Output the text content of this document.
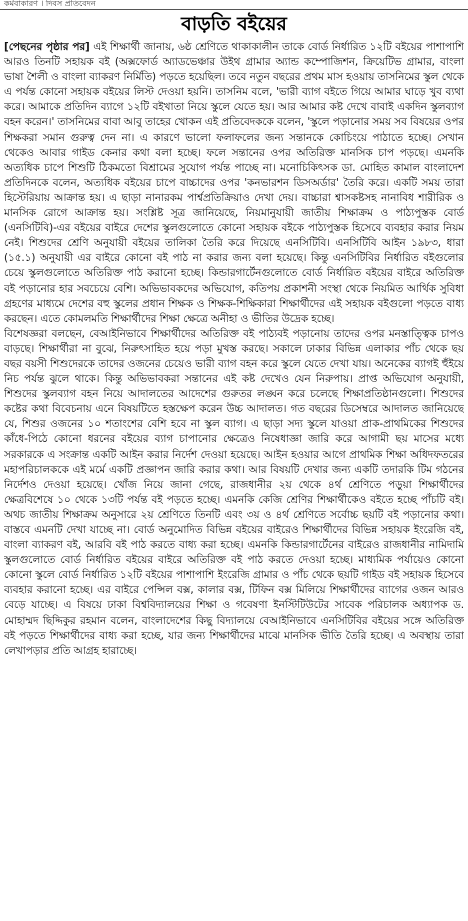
কর্মবাকারণ । দিবস প্রতিবেদন
বাড়তি বইয়ের

[পেছনের পৃষ্ঠার পর] এই শিক্ষার্থী জানায়, ৬ষ্ঠ শ্রেণিতে থাকাকালীন তাকে বোর্ড নির্ধারিত ১২টি বইয়ের পাশাপাশি আরও তিনটি সহায়ক বই (অক্সফোর্ড অ্যাডভেঞ্চার উইথ গ্রামার অ্যান্ড কম্পোজিশন, ক্রিয়েটিভ গ্রামার, বাংলা ভাষা শৈলী ও বাংলা ব্যাকরণ নির্মিতি) পড়তে হয়েছিল। তবে নতুন বছরের প্রথম মাস হওয়ায় তাসনিমের স্কুল থেকে এ পর্যন্ত কোনো সহায়ক বইয়ের লিস্ট দেওয়া হয়নি। তাসনিম বলে, 'ভারী ব্যাগ বইতে গিয়ে আমার ঘাড়ে খুব ব্যথা করে। আমাকে প্রতিদিন ব্যাগে ১২টি বইখাতা নিয়ে স্কুলে যেতে হয়। আর আমার কষ্ট দেখে বাবাই একদিন স্কুলব্যাগ বহন করেন।' তাসনিমের বাবা আবু তাহের খোকন এই প্রতিবেদককে বলেন, 'স্কুলে পড়ানোর সময় সব বিষয়ের ওপর শিক্ষকরা সমান গুরুত্ব দেন না। এ কারণে ভালো ফলাফলের জন্য সন্তানকে কোচিংয়ে পাঠাতে হচ্ছে। সেখান থেকেও আবার গাইড কেনার কথা বলা হচ্ছে। ফলে সন্তানের ওপর অতিরিক্ত মানসিক চাপ পড়ছে। এমনকি অত্যধিক চাপে শিশুটি ঠিকমতো বিশ্রামের সুযোগ পর্যন্ত পাচ্ছে না। মনোচিকিৎসক ডা. মোহিত কামাল বাংলাদেশ প্রতিদিনকে বলেন, অত্যধিক বইয়ের চাপে বাচ্চাদের ওপর 'কনভারশন ডিসঅর্ডার' তৈরি করে। একটি সময় তারা হিস্টেরিয়ায় আক্রান্ত হয়। এ ছাড়া নানারকম পার্শ্বপ্রতিক্রিয়াও দেখা দেয়। বাচ্চারা শ্বাসকষ্টসহ নানাবিধ শারীরিক ও মানসিক রোগে আক্রান্ত হয়। সংশ্লিষ্ট সূত্র জানিয়েছে, নিয়মানুযায়ী জাতীয় শিক্ষাক্রম ও পাঠ্যপুস্তক বোর্ড (এনসিটিবি)-এর বইয়ের বাইরে দেশের স্কুলগুলোতে কোনো সহায়ক বইকে পাঠ্যপুস্তক হিসেবে ব্যবহার করার নিয়ম নেই। শিশুদের শ্রেণি অনুযায়ী বইয়ের তালিকা তৈরি করে দিয়েছে এনসিটিবি। এনসিটিবি আইন ১৯৮৩, ধারা (১৫.১) অনুযায়ী এর বাইরে কোনো বই পাঠ না করার জন্য বলা হয়েছে। কিন্তু এনসিটিবির নির্ধারিত বইগুলোর চেয়ে স্কুলগুলোতে অতিরিক্ত পাঠ করানো হচ্ছে। কিন্ডারগার্টেনগুলোতে বোর্ড নির্ধারিত বইয়ের বাইরে অতিরিক্ত বই পড়ানোর হার সবচেয়ে বেশি। অভিভাবকদের অভিযোগ, কতিপয় প্রকাশনী সংস্থা থেকে নিয়মিত আর্থিক সুবিধা গ্রহণের মাধ্যমে দেশের বহু স্কুলের প্রধান শিক্ষক ও শিক্ষক-শিক্ষিকারা শিক্ষার্থীদের এই সহায়ক বইগুলো পড়তে বাধ্য করছেন। এতে কোমলমতি শিক্ষার্থীদের শিক্ষা ক্ষেত্রে অনীহা ও ভীতির উদ্রেক হচ্ছে।

বিশেষজ্ঞরা বলছেন, বেআইনিভাবে শিক্ষার্থীদের অতিরিক্ত বই পাঠ্যবই পড়ানোয় তাদের ওপর মনস্তাত্ত্বিক চাপও বাড়ছে। শিক্ষার্থীরা না বুঝে, নিরুৎসাহিত হয়ে পড়া মুখস্ত করছে। সকালে ঢাকার বিভিন্ন এলাকার পাঁচ থেকে ছয় বছর বয়সী শিশুদেরকে তাদের ওজনের চেয়েও ভারী ব্যাগ বহন করে স্কুলে যেতে দেখা যায়। অনেকের ব্যাগই হুঁইয়ে নিচ পর্যন্ত ঝুলে থাকে। কিন্তু অভিভাবকরা সন্তানের এই কষ্ট দেখেও যেন নিরুপায়। প্রাপ্ত অভিযোগ অনুযায়ী, শিশুদের স্কুলব্যাগ বহন নিয়ে আদালতের আদেশের গুরুতর লঙ্ঘন করে চলেছে শিক্ষাপ্রতিষ্ঠানগুলো। শিশুদের কষ্টের কথা বিবেচনায় এনে বিষয়টিতে হস্তক্ষেপ করেন উচ্চ আদালত। গত বছরের ডিসেম্বরে আদালত জানিয়েছে যে, শিশুর ওজনের ১০ শতাংশের বেশি হবে না স্কুল ব্যাগ। এ ছাড়া সদ্য স্কুলে যাওয়া প্রাক-প্রাথমিকের শিশুদের কাঁধে-পিঠে কোনো ধরনের বইয়ের ব্যাগ চাপানোর ক্ষেত্রেও নিষেধাজ্ঞা জারি করে আগামী ছয় মাসের মধ্যে সরকারকে এ সংক্রান্ত একটি আইন করার নির্দেশ দেওয়া হয়েছে। আইন হওয়ার আগে প্রাথমিক শিক্ষা অধিদফতরের মহাপরিচালককে এই মর্মে একটি প্রজ্ঞাপন জারি করার কথা। আর বিষয়টি দেখার জন্য একটি তদারকি টিম গঠনের নির্দেশও দেওয়া হয়েছে। খোঁজ নিয়ে জানা গেছে, রাজধানীর ২য় থেকে ৪র্থ শ্রেণিতে পড়ুয়া শিক্ষার্থীদের ক্ষেত্রবিশেষে ১০ থেকে ১৩টি পর্যন্ত বই পড়তে হচ্ছে। এমনকি কেজি শ্রেণির শিক্ষার্থীকেও বইতে হচ্ছে পাঁচটি বই। অথচ জাতীয় শিক্ষাক্রম অনুসারে ২য় শ্রেণিতে তিনটি এবং ৩য় ও ৪র্থ শ্রেণিতে সর্বোচ্চ ছয়টি বই পড়ানোর কথা। বাস্তবে এমনটি দেখা যাচ্ছে না। বোর্ড অনুমোদিত বিভিন্ন বইয়ের বাইরেও শিক্ষার্থীদের বিভিন্ন সহায়ক ইংরেজি বই, বাংলা ব্যাকরণ বই, আরবি বই পাঠ করতে বাধ্য করা হচ্ছে। এমনকি কিন্ডারগার্টেনের বাইরেও রাজধানীর নামিদামি স্কুলগুলোতে বোর্ড নির্ধারিত বইয়ের বাইরে অতিরিক্ত বই পাঠ করতে দেওয়া হচ্ছে। মাধ্যমিক পর্যায়েও কোনো কোনো স্কুলে বোর্ড নির্ধারিত ১২টি বইয়ের পাশাপাশি ইংরেজি গ্রামার ও পাঁচ থেকে ছয়টি গাইড বই সহায়ক হিসেবে ব্যবহার করানো হচ্ছে। এর বাইরে পেন্সিল বক্স, কালার বক্স, টিফিন বক্স মিলিয়ে শিক্ষার্থীদের ব্যাগের ওজন আরও বেড়ে যাচ্ছে। এ বিষয়ে ঢাকা বিশ্ববিদ্যালয়ের শিক্ষা ও গবেষণা ইনস্টিটিউটের সাবেক পরিচালক অধ্যাপক ড. মোহাম্মদ ছিদ্দিকুর রহমান বলেন, বাংলাদেশের কিছু বিদ্যালয়ে বেআইনিভাবে এনসিটিবির বইয়ের সঙ্গে অতিরিক্ত বই পড়তে শিক্ষার্থীদের বাধ্য করা হচ্ছে, যার জন্য শিক্ষার্থীদের মাঝে মানসিক ভীতি তৈরি হচ্ছে। এ অবস্থায় তারা লেখাপড়ার প্রতি আগ্রহ হারাচ্ছে।
